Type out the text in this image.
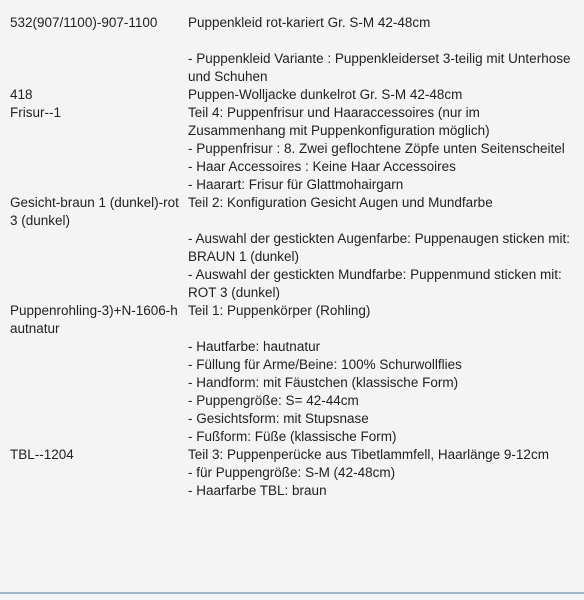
532(907/1100)-907-1100	Puppenkleid rot-kariert Gr. S-M 42-48cm
- Puppenkleid Variante : Puppenkleiderset 3-teilig mit Unterhose und Schuhen
418
Frisur--1
Puppen-Wolljacke dunkelrot Gr. S-M 42-48cm
Teil 4: Puppenfrisur und Haaraccessoires (nur im Zusammenhang mit Puppenkonfiguration möglich)
- Puppenfrisur : 8. Zwei geflochtene Zöpfe unten Seitenscheitel
- Haar Accessoires : Keine Haar Accessoires
- Haarart: Frisur für Glattmohairgarn
Gesicht-braun 1 (dunkel)-rot 3 (dunkel)
Teil 2: Konfiguration Gesicht Augen und Mundfarbe
- Auswahl der gestickten Augenfarbe: Puppenaugen sticken mit: BRAUN 1 (dunkel)
- Auswahl der gestickten Mundfarbe: Puppenmund sticken mit: ROT 3 (dunkel)
Puppenrohling-3)+N-1606-hautnatur
Teil 1: Puppenkörper (Rohling)
- Hautfarbe: hautnatur
- Füllung für Arme/Beine: 100% Schurwollflies
- Handform: mit Fäustchen (klassische Form)
- Puppengröße: S= 42-44cm
- Gesichtsform: mit Stupsnase
- Fußform: Füße (klassische Form)
TBL--1204	Teil 3: Puppenperücke aus Tibetlammfell, Haarlänge 9-12cm
- für Puppengröße: S-M (42-48cm)
- Haarfarbe TBL: braun
